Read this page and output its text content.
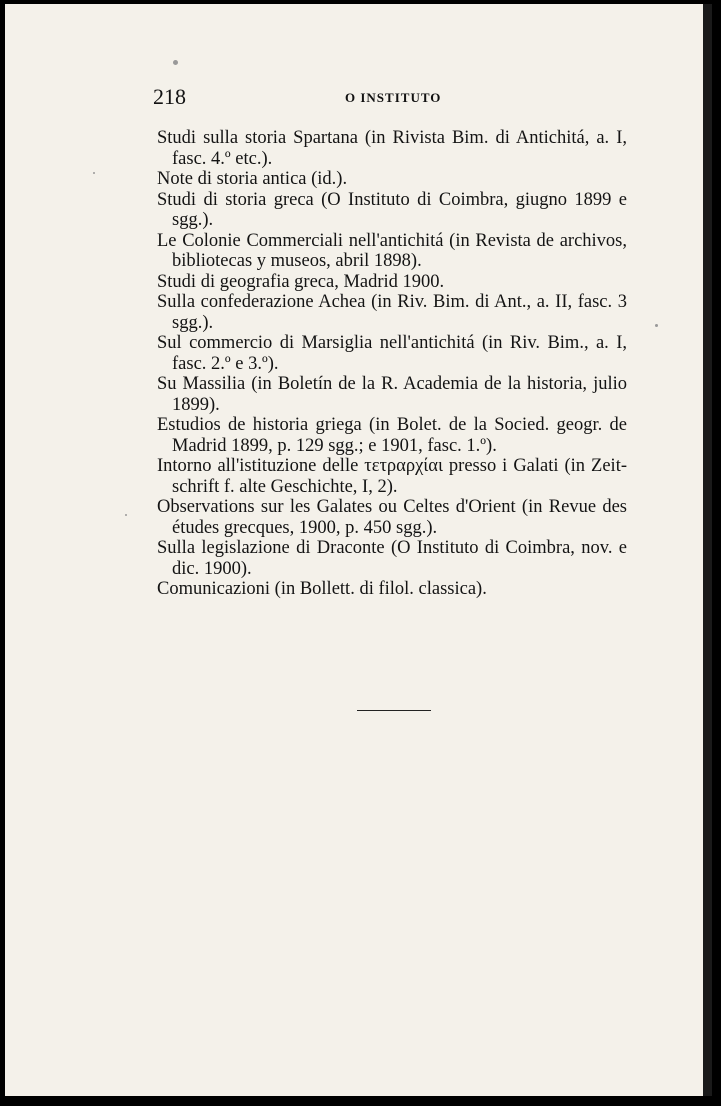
218	O INSTITUTO

Studi sulla storia Spartana (in Rivista Bim. di Antichitá, a. I, fasc. 4.º etc.).

Note di storia antica (id.).

Studi di storia greca (O Instituto di Coimbra, giugno 1899 e sgg.).

Le Colonie Commerciali nell'antichitá (in Revista de archivos, bibliotecas y museos, abril 1898).

Studi di geografia greca, Madrid 1900.

Sulla confederazione Achea (in Riv. Bim. di Ant., a. II, fasc. 3 sgg.).

Sul commercio di Marsiglia nell'antichitá (in Riv. Bim., a. I, fasc. 2.º e 3.º).

Su Massilia (in Boletín de la R. Academia de la historia, julio 1899).

Estudios de historia griega (in Bolet. de la Socied. geogr. de Madrid 1899, p. 129 sgg.; e 1901, fasc. 1.º).

Intorno all'istituzione delle τετραρχίαι presso i Galati (in Zeit-schrift f. alte Geschichte, I, 2).

Observations sur les Galates ou Celtes d'Orient (in Revue des études grecques, 1900, p. 450 sgg.).

Sulla legislazione di Draconte (O Instituto di Coimbra, nov. e dic. 1900).

Comunicazioni (in Bollett. di filol. classica).
